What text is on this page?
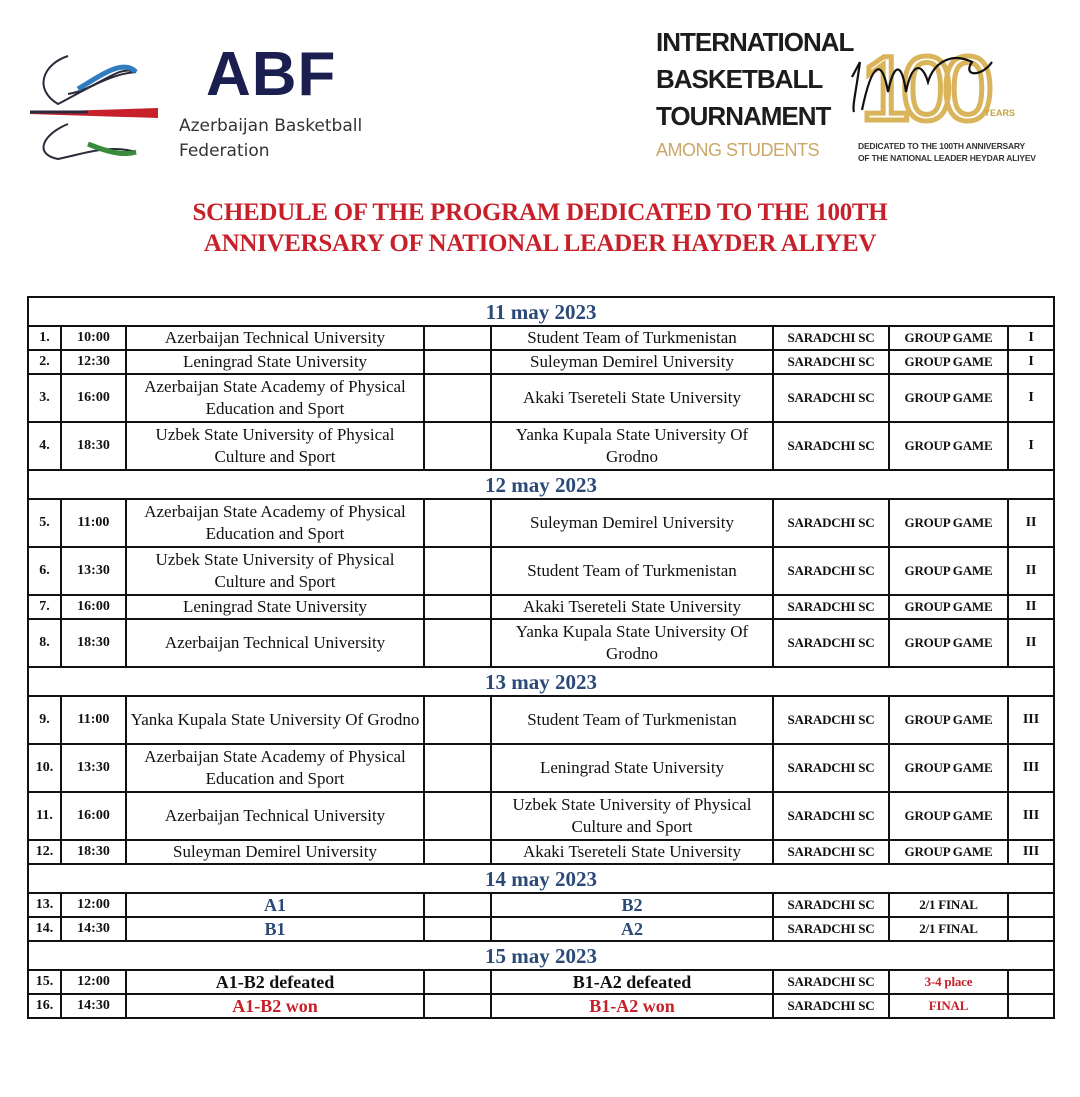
ABF
Azerbaijan Basketball
Federation
INTERNATIONAL
BASKETBALL
TOURNAMENT
AMONG STUDENTS
100 YEARS
DEDICATED TO THE 100TH ANNIVERSARY
OF THE NATIONAL LEADER HEYDAR ALIYEV
SCHEDULE OF THE PROGRAM DEDICATED TO THE 100TH
ANNIVERSARY OF NATIONAL LEADER HAYDER ALIYEV
11 may 2023							
1.	10:00	Azerbaijan Technical University		Student Team of Turkmenistan	SARADCHI SC	GROUP GAME	I
2.	12:30	Leningrad State University		Suleyman Demirel University	SARADCHI SC	GROUP GAME	I
3.	16:00	Azerbaijan State Academy of Physical Education and Sport		Akaki Tsereteli State University	SARADCHI SC	GROUP GAME	I
4.	18:30	Uzbek State University of Physical Culture and Sport		Yanka Kupala State University Of Grodno	SARADCHI SC	GROUP GAME	I
12 may 2023							
5.	11:00	Azerbaijan State Academy of Physical Education and Sport		Suleyman Demirel University	SARADCHI SC	GROUP GAME	II
6.	13:30	Uzbek State University of Physical Culture and Sport		Student Team of Turkmenistan	SARADCHI SC	GROUP GAME	II
7.	16:00	Leningrad State University		Akaki Tsereteli State University	SARADCHI SC	GROUP GAME	II
8.	18:30	Azerbaijan Technical University		Yanka Kupala State University Of Grodno	SARADCHI SC	GROUP GAME	II
13 may 2023							
9.	11:00	Yanka Kupala State University Of Grodno		Student Team of Turkmenistan	SARADCHI SC	GROUP GAME	III
10.	13:30	Azerbaijan State Academy of Physical Education and Sport		Leningrad State University	SARADCHI SC	GROUP GAME	III
11.	16:00	Azerbaijan Technical University		Uzbek State University of Physical Culture and Sport	SARADCHI SC	GROUP GAME	III
12.	18:30	Suleyman Demirel University		Akaki Tsereteli State University	SARADCHI SC	GROUP GAME	III
14 may 2023							
13.	12:00	A1		B2	SARADCHI SC	2/1 FINAL	
14.	14:30	B1		A2	SARADCHI SC	2/1 FINAL	
15 may 2023							
15.	12:00	A1-B2 defeated		B1-A2 defeated	SARADCHI SC	3-4 place	
16.	14:30	A1-B2 won		B1-A2 won	SARADCHI SC	FINAL	
